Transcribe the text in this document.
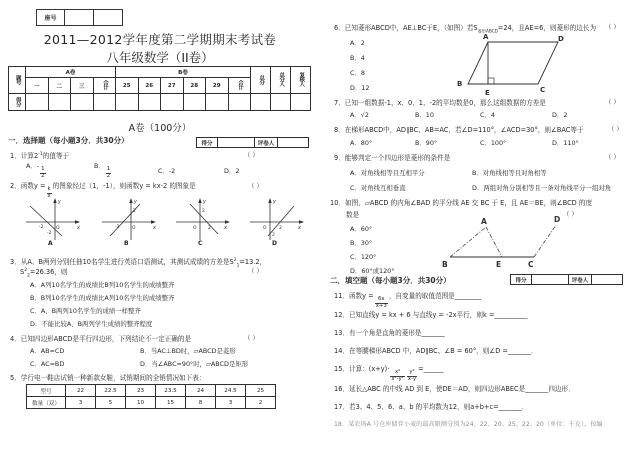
座号
2011—2012学年度第二学期期末考试卷
八年级数学（II卷）
题号	A卷				B卷						总分	总分人	复核人
	一	二	三	合计	25	26	27	28	29	合计			
得分													
A卷（100分）
一．选择题（每小题3分．共30分）	得分	评卷人
1．计算$2^{-1}$的值等于	（ ）
A．-
$\frac{1}{2}$
B．
$\frac{1}{2}$	C．-2	D．2
2．函数y =
$\frac{k}{x}$
的图象经过（1，-1），则函数y = kx-2 的图象是	（ ）
y
x
O
-2
-2
A
y
x
O
-2
2
B
y
x
O
2
2
C
y
x
O	2
2
D
3．从A、B两列分别任抽10名学生进行英语口语测试，其测试成绩的方差是$S^2_1=13.2$，
$S^2_2=26.36$，则	（ ）
A．A列10名学生的成绩比B列10名学生的成绩整齐
B．B列10名学生的成绩比A列10名学生的成绩整齐
C．A、B两列10名学生的成绩一样整齐
D．不能比较A、B两列学生成绩的整齐程度
4．已知四边形ABCD是平行四边形，下列结论不一定正确的是	（ ）
A．AB=CD	B．当AC⊥BD时，▱ABCD是菱形
C．AC=BD	D．当∠ABC=90°时，▱ABCD是矩形
5．学行电一鞋店试销一种新款女鞋，试销期间的全销情况如下表：
型号	22	22.5	23	23.5	24	24.5	25
数量（双）	3	5	10	15	8	3	2
6．已知菱形ABCD中，AE⊥BC于E，（如图）若$S_{菱形ABCD}=24$，且AE=6，则菱形的边长为 （ ）
A．2
B．4
C．8
D．12
A	D
B
C
E
7．已知一组数据-1、x、0、1、-2的平均数是0，那么这组数据的方差是	（ ）
A．√2	B．10	C．4	D．2
8．在梯形ABCD中，AD∥BC、AB=AC，若∠D=110°，∠ACD=30°，则∠BAC等于	（ ）
A．80°	B．90°	C．100°	D．110°
9．能够判定一个四边形是菱形的条件是	（ ）
A．对角线相等且互相平分	B．对角线相等且对角相等
C．对角线互相垂直	D．两组对角分别相等且一条对角线平分一组对角
10．如图，▱ABCD 的内角∠BAD 的平分线 AE 交 BC 于 E，且 AE＝BE，则∠BCD 的度
数是	（ ）
A．60°
B．30°
C．120°
D．60°或120°
A	D
B	E	C
二．填空题（每小题3分．共30分）	得分	评卷人
11．函数y =
$\frac{6x}{x+3}$
，自变量的取值范围是________
12．已知直线y = kx + 6 与直线y = -2x平行，则k =__________
13．有一个角是直角的菱形是_______
14．在等腰梯形ABCD 中，AD∥BC、∠B = 60°，则∠D =_______．
15．计算：(x+y)·
$\frac{\text{x²}}{\text{x²-y²}} \frac{\text{y²}}{x-y}$
=______
16．延长△ABC 的中线 AD 到 E，使DE＝AD，则四边形ABEC是_______四边形．
17．若3、4、5、6、a、b 的平均数为12，则a+b+c=_______．
18．某农场A 号仓库储存小麦的最高限额分别为24、22、20、25、22、20（单位：千克），按编
